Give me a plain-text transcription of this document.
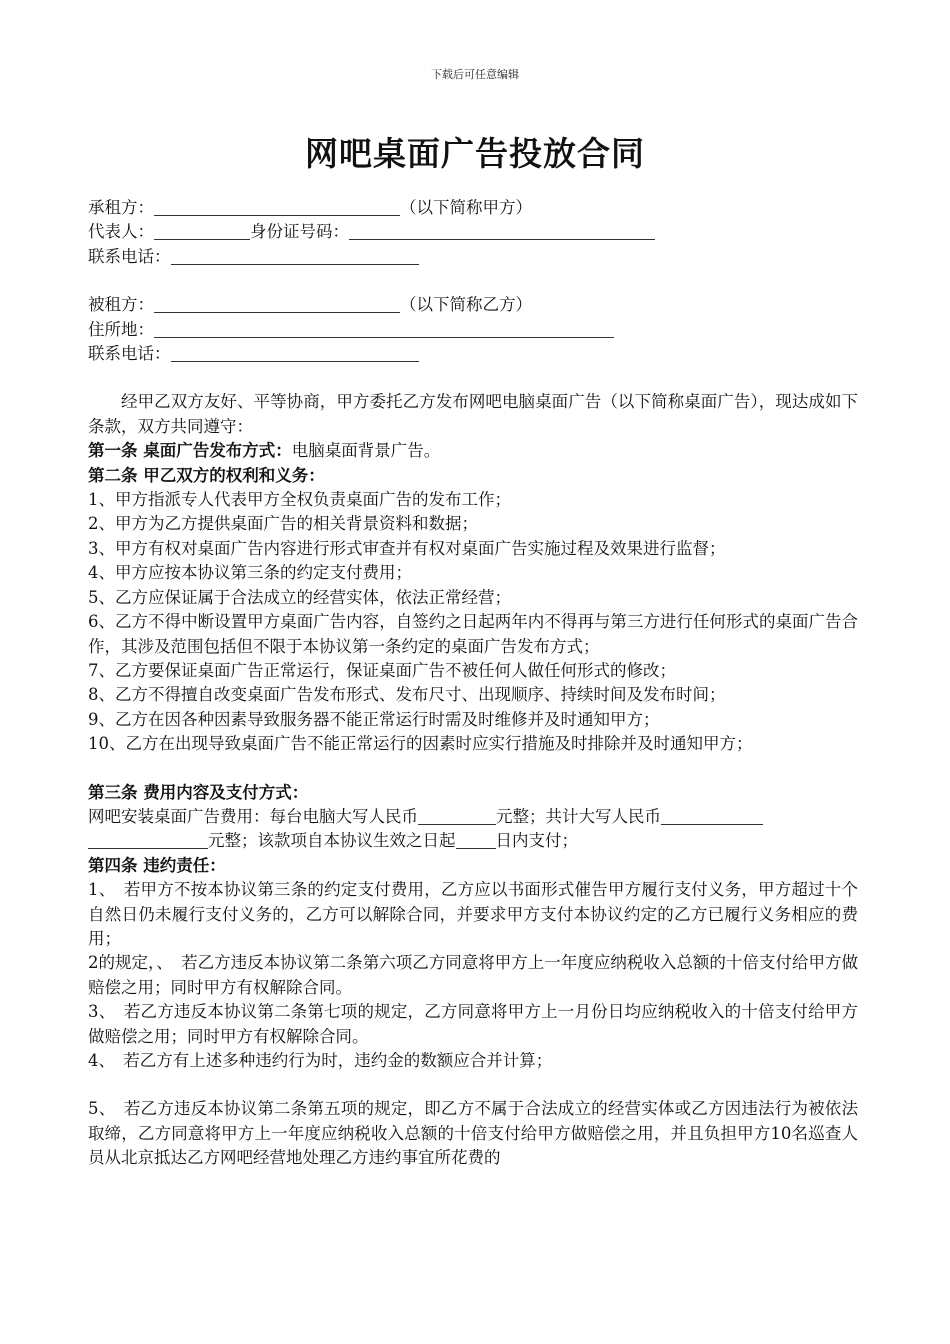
下载后可任意编辑
网吧桌面广告投放合同
承租方：	（以下简称甲方）
代表人：	身份证号码：
联系电话：
被租方：	（以下简称乙方）
住所地：
联系电话：
经甲乙双方友好、平等协商，甲方委托乙方发布网吧电脑桌面广告（以下简称桌面广告），现达成如下条款，双方共同遵守：
第一条 桌面广告发布方式：电脑桌面背景广告。
第二条 甲乙双方的权利和义务：
1、甲方指派专人代表甲方全权负责桌面广告的发布工作；
2、甲方为乙方提供桌面广告的相关背景资料和数据；
3、甲方有权对桌面广告内容进行形式审查并有权对桌面广告实施过程及效果进行监督；
4、甲方应按本协议第三条的约定支付费用；
5、乙方应保证属于合法成立的经营实体，依法正常经营；
6、乙方不得中断设置甲方桌面广告内容，自签约之日起两年内不得再与第三方进行任何形式的桌面广告合作，其涉及范围包括但不限于本协议第一条约定的桌面广告发布方式；
7、乙方要保证桌面广告正常运行，保证桌面广告不被任何人做任何形式的修改；
8、乙方不得擅自改变桌面广告发布形式、发布尺寸、出现顺序、持续时间及发布时间；
9、乙方在因各种因素导致服务器不能正常运行时需及时维修并及时通知甲方；
10、乙方在出现导致桌面广告不能正常运行的因素时应实行措施及时排除并及时通知甲方；
第三条 费用内容及支付方式：
网吧安装桌面广告费用：每台电脑大写人民币	元整；共计大写人民币
元整；该款项自本协议生效之日起 日内支付；
第四条 违约责任：
1、　若甲方不按本协议第三条的约定支付费用，乙方应以书面形式催告甲方履行支付义务，甲方超过十个自然日仍未履行支付义务的，乙方可以解除合同，并要求甲方支付本协议约定的乙方已履行义务相应的费用；
2的规定，、　若乙方违反本协议第二条第六项乙方同意将甲方上一年度应纳税收入总额的十倍支付给甲方做赔偿之用；同时甲方有权解除合同。
3、　若乙方违反本协议第二条第七项的规定，乙方同意将甲方上一月份日均应纳税收入的十倍支付给甲方做赔偿之用；同时甲方有权解除合同。
4、　若乙方有上述多种违约行为时，违约金的数额应合并计算；
5、　若乙方违反本协议第二条第五项的规定，即乙方不属于合法成立的经营实体或乙方因违法行为被依法取缔，乙方同意将甲方上一年度应纳税收入总额的十倍支付给甲方做赔偿之用，并且负担甲方10名巡查人员从北京抵达乙方网吧经营地处理乙方违约事宜所花费的
